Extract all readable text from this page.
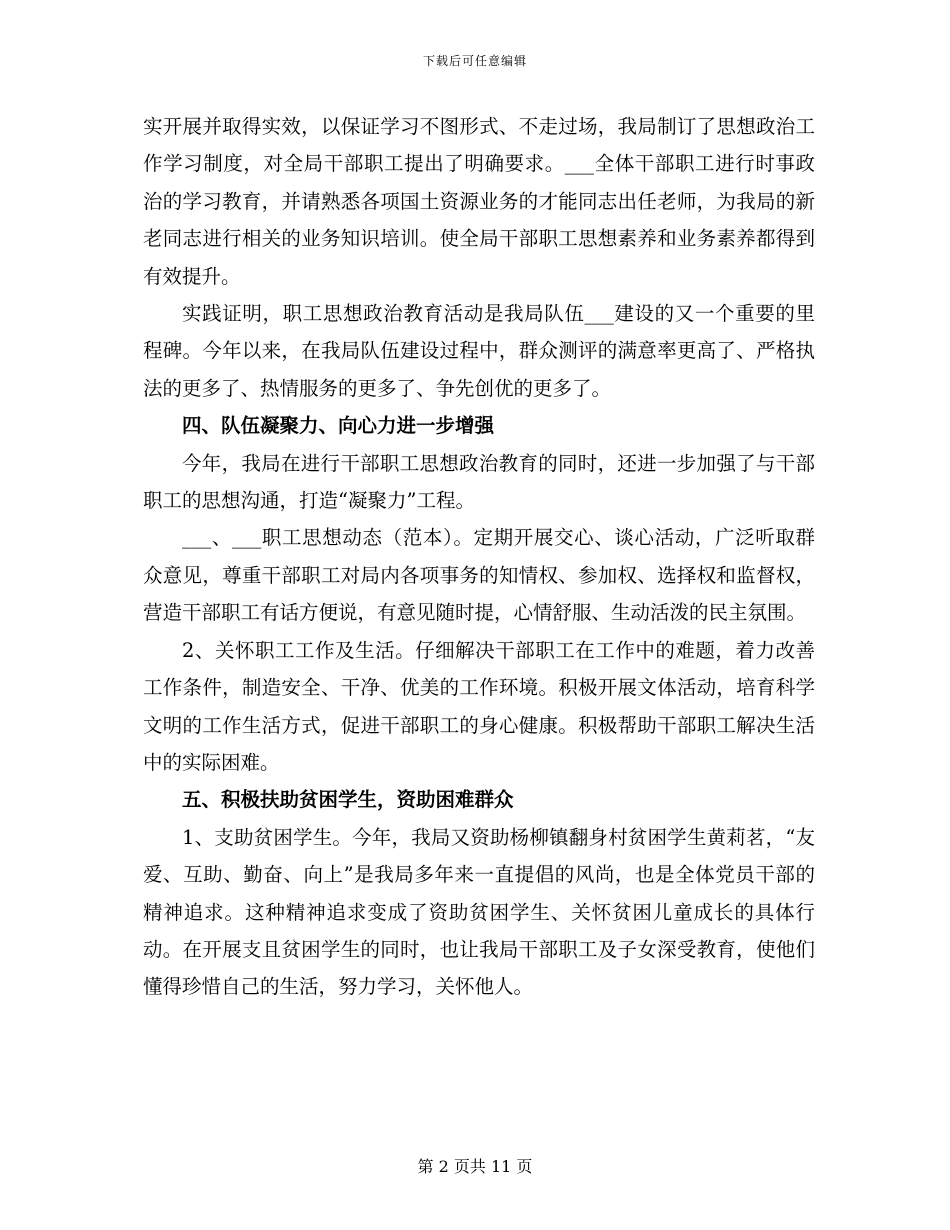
下载后可任意编辑

实开展并取得实效，以保证学习不图形式、不走过场，我局制订了思想政治工作学习制度，对全局干部职工提出了明确要求。___全体干部职工进行时事政治的学习教育，并请熟悉各项国土资源业务的才能同志出任老师，为我局的新老同志进行相关的业务知识培训。使全局干部职工思想素养和业务素养都得到有效提升。

实践证明，职工思想政治教育活动是我局队伍___建设的又一个重要的里程碑。今年以来，在我局队伍建设过程中，群众测评的满意率更高了、严格执法的更多了、热情服务的更多了、争先创优的更多了。

四、队伍凝聚力、向心力进一步增强

今年，我局在进行干部职工思想政治教育的同时，还进一步加强了与干部职工的思想沟通，打造“凝聚力”工程。

___、___职工思想动态（范本）。定期开展交心、谈心活动，广泛听取群众意见，尊重干部职工对局内各项事务的知情权、参加权、选择权和监督权，营造干部职工有话方便说，有意见随时提，心情舒服、生动活泼的民主氛围。

2、关怀职工工作及生活。仔细解决干部职工在工作中的难题，着力改善工作条件，制造安全、干净、优美的工作环境。积极开展文体活动，培育科学文明的工作生活方式，促进干部职工的身心健康。积极帮助干部职工解决生活中的实际困难。

五、积极扶助贫困学生，资助困难群众

1、支助贫困学生。今年，我局又资助杨柳镇翻身村贫困学生黄莉茗，“友爱、互助、勤奋、向上”是我局多年来一直提倡的风尚，也是全体党员干部的精神追求。这种精神追求变成了资助贫困学生、关怀贫困儿童成长的具体行动。在开展支且贫困学生的同时，也让我局干部职工及子女深受教育，使他们懂得珍惜自己的生活，努力学习，关怀他人。

第 2 页共 11 页
